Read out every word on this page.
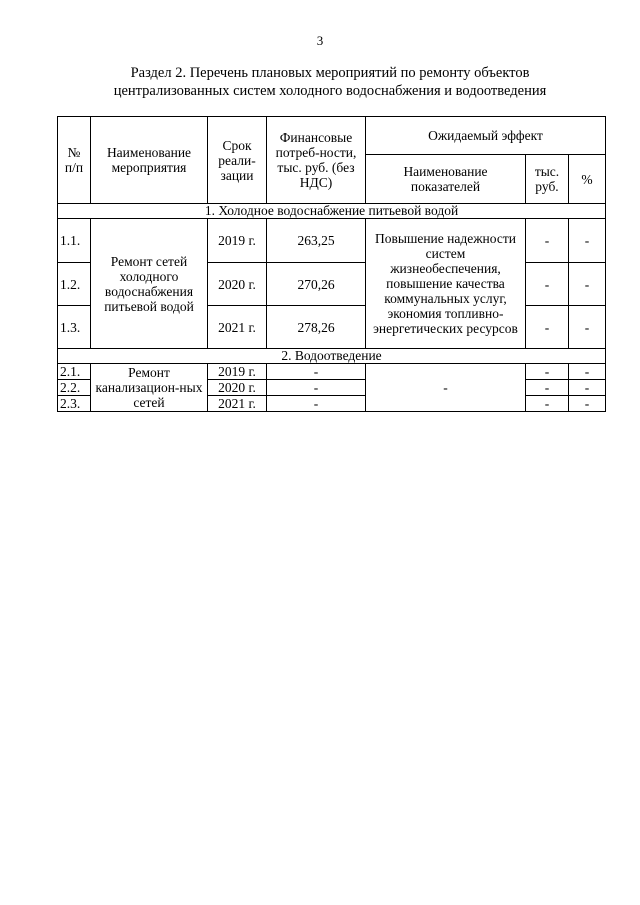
3
Раздел 2. Перечень плановых мероприятий по ремонту объектов
централизованных систем холодного водоснабжения и водоотведения
№ п/п	Наименование мероприятия	Срок реали-зации	Финансовые потреб-ности, тыс. руб. (без НДС)	Ожидаемый эффект		
				Наименование показателей	тыс. руб.	%
1. Холодное водоснабжение питьевой водой						
1.1.	Ремонт сетей холодного водоснабжения питьевой водой	2019 г.	263,25	Повышение надежности систем жизнеобеспечения, повышение качества коммунальных услуг, экономия топливно-энергетических ресурсов	-	-
1.2.		2020 г.	270,26		-	-
1.3.		2021 г.	278,26		-	-
2. Водоотведение						
2.1.	Ремонт канализацион-ных сетей	2019 г.	-	-	-	-
2.2.		2020 г.	-		-	-
2.3.		2021 г.	-		-	-
